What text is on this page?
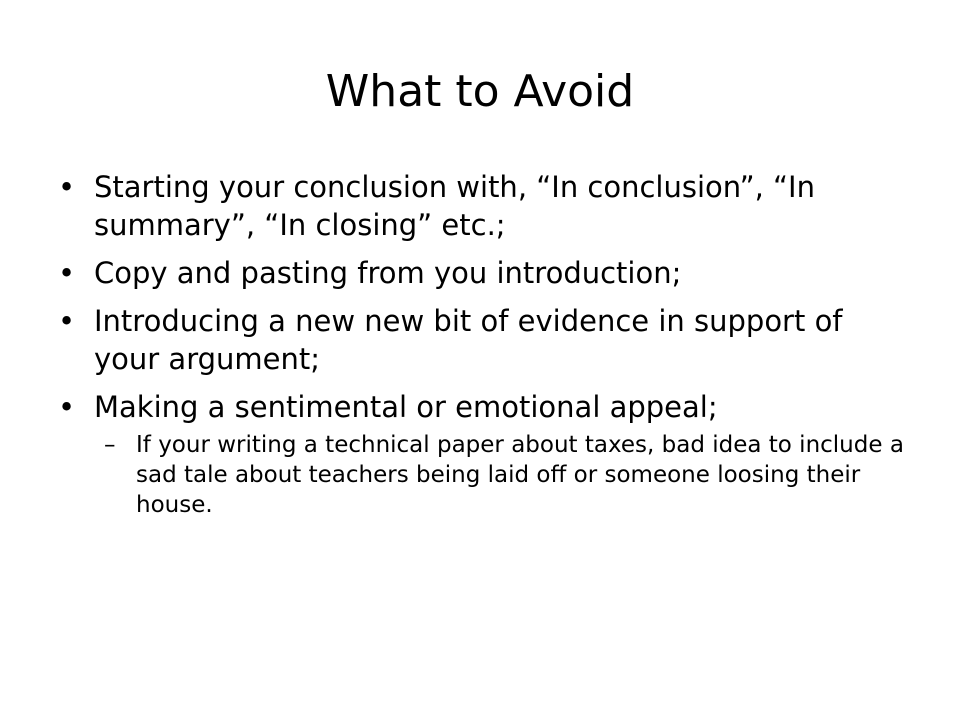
What to Avoid
• Starting your conclusion with, “In conclusion”, “In summary”, “In closing” etc.;
• Copy and pasting from you introduction;
• Introducing a new new bit of evidence in support of your argument;
• Making a sentimental or emotional appeal;
– If your writing a technical paper about taxes, bad idea to include a sad tale about teachers being laid off or someone loosing their house.
